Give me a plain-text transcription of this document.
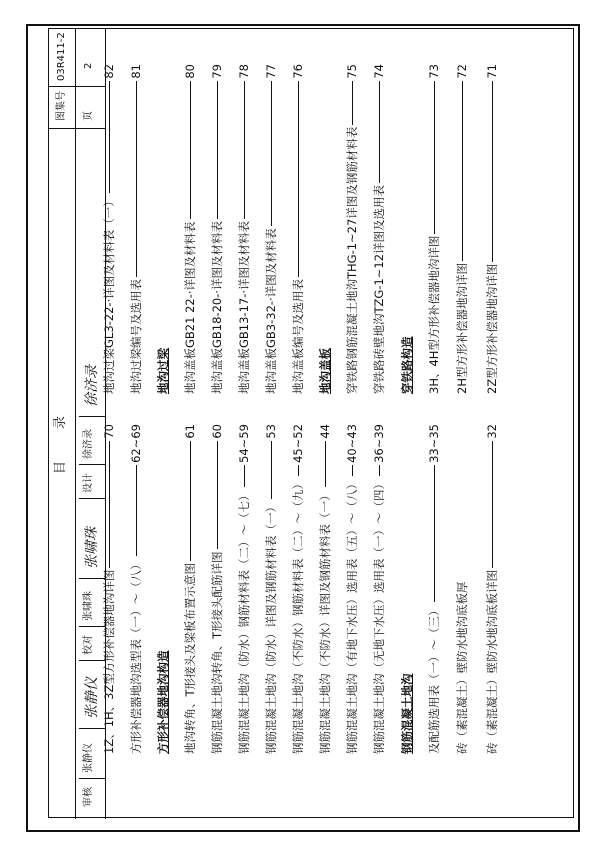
砖（素混凝土）壁防水地沟底板详图
32
砖（素混凝土）壁防水地沟底板厚
及配筋选用表（一）～（三）
33~35
钢筋混凝土地沟
钢筋混凝土地沟（无地下水压）选用表（一）～（四）
36~39
钢筋混凝土地沟（有地下水压）选用表（五）～（八）
40~43
钢筋混凝土地沟（不防水）详图及钢筋材料表（一）
44
钢筋混凝土地沟（不防水）钢筋材料表（二）～（九）
45~52
钢筋混凝土地沟（防水）详图及钢筋材料表（一）
53
钢筋混凝土地沟（防水）钢筋材料表（二）～（七）
54~59
钢筋混凝土地沟转角、T形接头配筋详图
60
地沟转角、T形接头及梁板布置示意图
61
方形补偿器地沟构造
方形补偿器地沟选型表（一）～（八）
62~69
1Z、1H、3Z型方形补偿器地沟详图
70
2Z型方形补偿器地沟详图
71
2H型方形补偿器地沟详图
72
3H、4H型方形补偿器地沟详图
73
穿铁路构造
穿铁路砖壁地沟TZG-1~12详图及选用表
74
穿铁路钢筋混凝土地沟THG-1~27详图及钢筋材料表
75
地沟盖板
地沟盖板编号及选用表
76
地沟盖板GB3-32-·详图及材料表
77
地沟盖板GB13-17-·详图及材料表
78
地沟盖板GB18-20-·详图及材料表
79
地沟盖板GB21 22-·详图及材料表
80
地沟过梁
地沟过梁编号及选用表
81
地沟过梁GL3-22-·详图及材料表（一）
82
目　　录
图集号
03R411-2
审核
张静仪
张静仪
校对
张啸珠
张啸珠
设计
徐济录
徐济录
页
2
